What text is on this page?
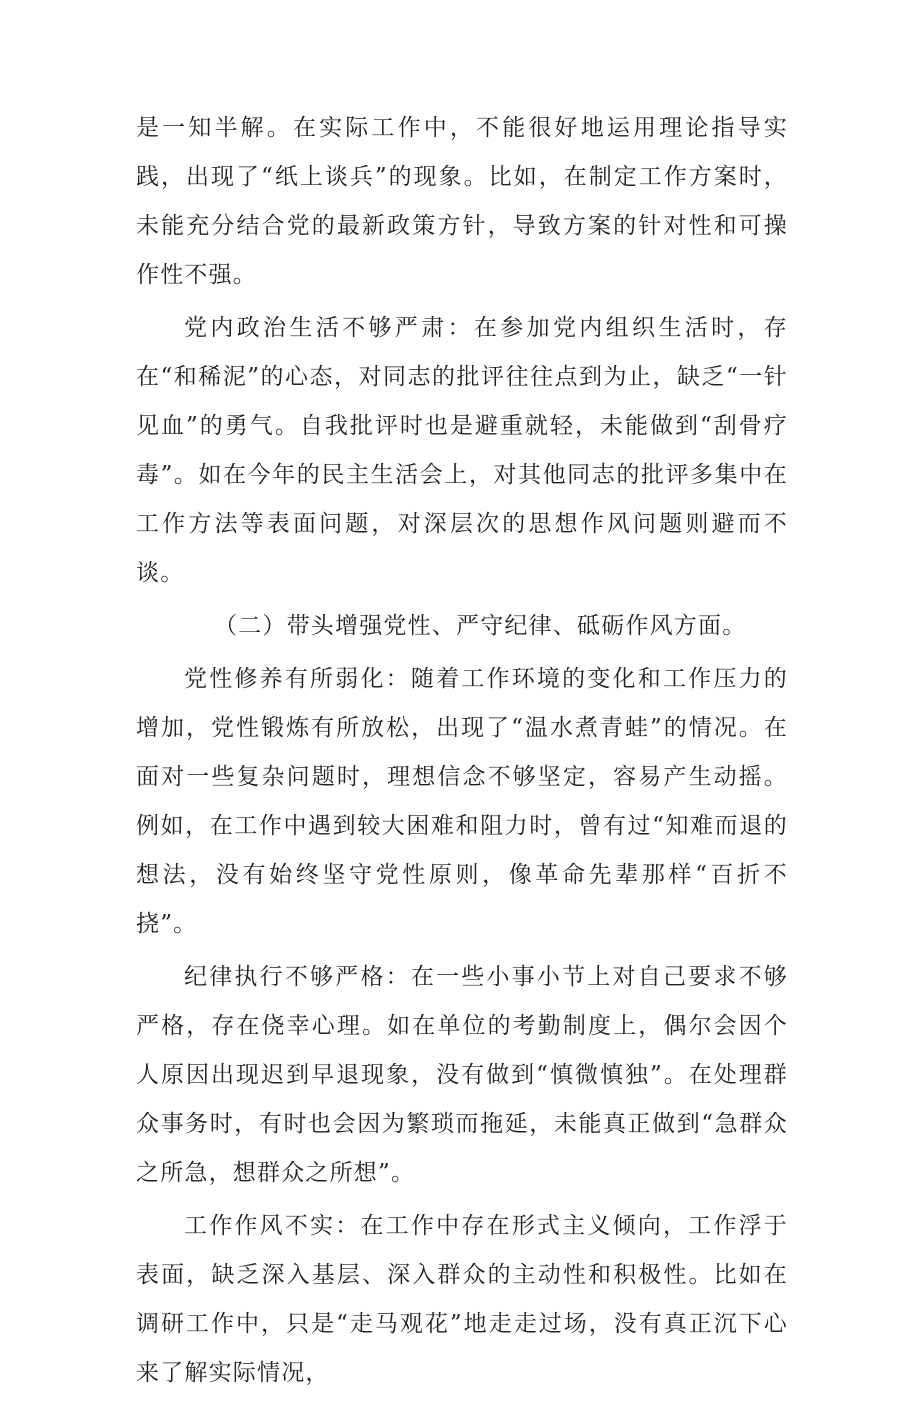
是一知半解。在实际工作中，不能很好地运用理论指导实践，出现了“纸上谈兵”的现象。比如，在制定工作方案时，未能充分结合党的最新政策方针，导致方案的针对性和可操作性不强。

党内政治生活不够严肃：在参加党内组织生活时，存在“和稀泥”的心态，对同志的批评往往点到为止，缺乏“一针见血”的勇气。自我批评时也是避重就轻，未能做到“刮骨疗毒”。如在今年的民主生活会上，对其他同志的批评多集中在工作方法等表面问题，对深层次的思想作风问题则避而不谈。

（二）带头增强党性、严守纪律、砥砺作风方面。

党性修养有所弱化：随着工作环境的变化和工作压力的增加，党性锻炼有所放松，出现了“温水煮青蛙”的情况。在面对一些复杂问题时，理想信念不够坚定，容易产生动摇。例如，在工作中遇到较大困难和阻力时，曾有过“知难而退的想法，没有始终坚守党性原则，像革命先辈那样“百折不挠”。

纪律执行不够严格：在一些小事小节上对自己要求不够严格，存在侥幸心理。如在单位的考勤制度上，偶尔会因个人原因出现迟到早退现象，没有做到“慎微慎独”。在处理群众事务时，有时也会因为繁琐而拖延，未能真正做到“急群众之所急，想群众之所想”。

工作作风不实：在工作中存在形式主义倾向，工作浮于表面，缺乏深入基层、深入群众的主动性和积极性。比如在调研工作中，只是“走马观花”地走走过场，没有真正沉下心来了解实际情况，
